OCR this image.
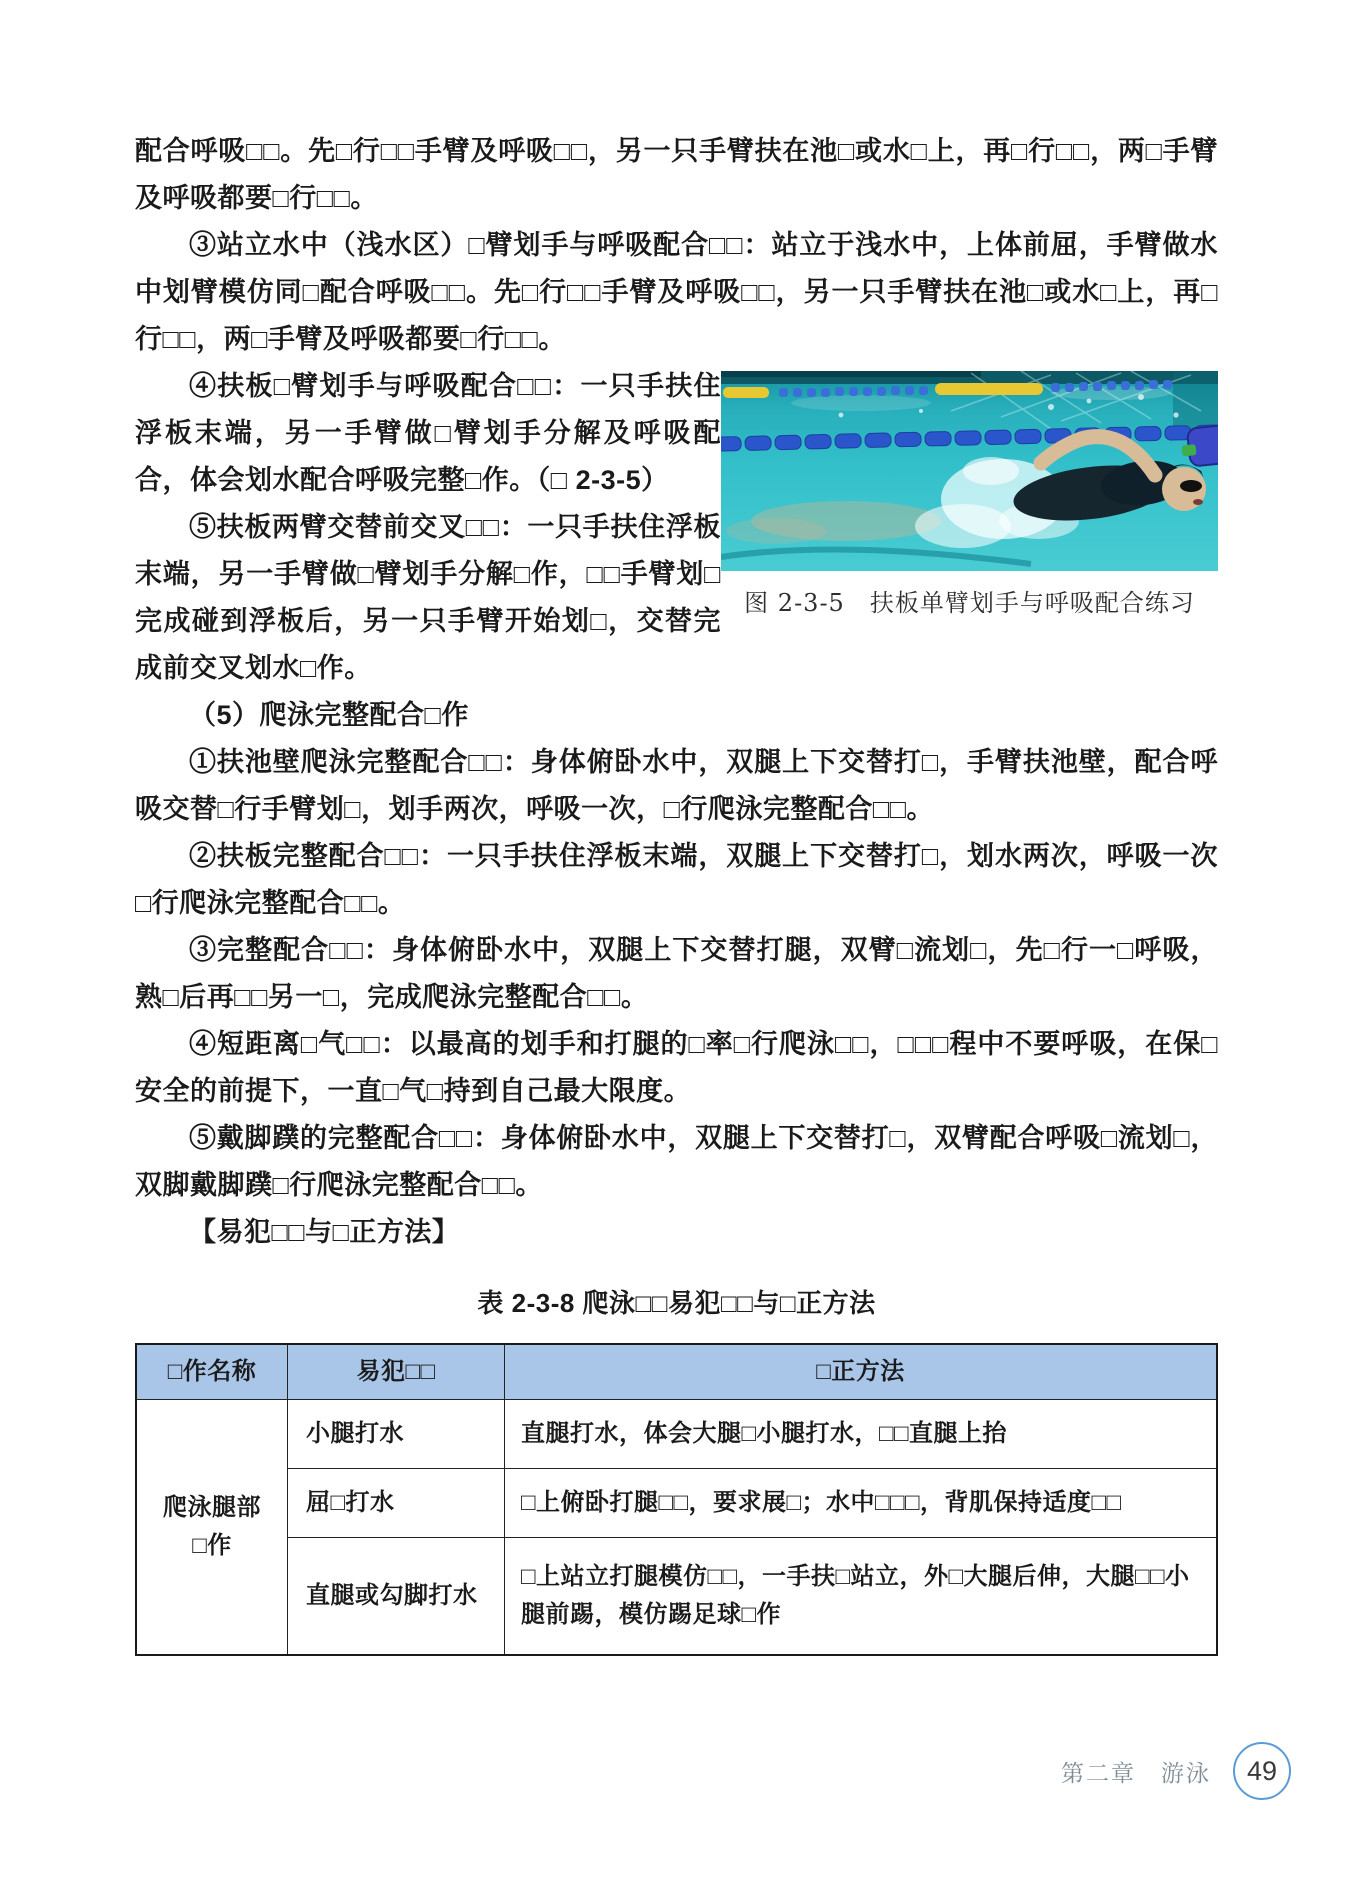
配合呼吸□□。先□行□□手臂及呼吸□□，另一只手臂扶在池□或水□上，再□行□□，两□手臂及呼吸都要□行□□。

③站立水中（浅水区）□臂划手与呼吸配合□□：站立于浅水中，上体前屈，手臂做水中划臂模仿同□配合呼吸□□。先□行□□手臂及呼吸□□，另一只手臂扶在池□或水□上，再□行□□，两□手臂及呼吸都要□行□□。

图 2-3-5　扶板单臂划手与呼吸配合练习

④扶板□臂划手与呼吸配合□□：一只手扶住浮板末端，另一手臂做□臂划手分解及呼吸配合，体会划水配合呼吸完整□作。（□ 2-3-5）

⑤扶板两臂交替前交叉□□：一只手扶住浮板末端，另一手臂做□臂划手分解□作，□□手臂划□完成碰到浮板后，另一只手臂开始划□，交替完成前交叉划水□作。

（5）爬泳完整配合□作

①扶池壁爬泳完整配合□□：身体俯卧水中，双腿上下交替打□，手臂扶池壁，配合呼吸交替□行手臂划□，划手两次，呼吸一次，□行爬泳完整配合□□。

②扶板完整配合□□：一只手扶住浮板末端，双腿上下交替打□，划水两次，呼吸一次□行爬泳完整配合□□。

③完整配合□□：身体俯卧水中，双腿上下交替打腿，双臂□流划□，先□行一□呼吸，熟□后再□□另一□，完成爬泳完整配合□□。

④短距离□气□□：以最高的划手和打腿的□率□行爬泳□□，□□□程中不要呼吸，在保□安全的前提下，一直□气□持到自己最大限度。

⑤戴脚蹼的完整配合□□：身体俯卧水中，双腿上下交替打□，双臂配合呼吸□流划□，双脚戴脚蹼□行爬泳完整配合□□。

【易犯□□与□正方法】

表 2-3-8 爬泳□□易犯□□与□正方法

□作名称	易犯□□	□正方法
爬泳腿部□作	小腿打水	直腿打水，体会大腿□小腿打水，□□直腿上抬
	屈□打水	□上俯卧打腿□□，要求展□；水中□□□，背肌保持适度□□
	直腿或勾脚打水	□上站立打腿模仿□□，一手扶□站立，外□大腿后伸，大腿□□小腿前踢，模仿踢足球□作
第二章　游泳	49
